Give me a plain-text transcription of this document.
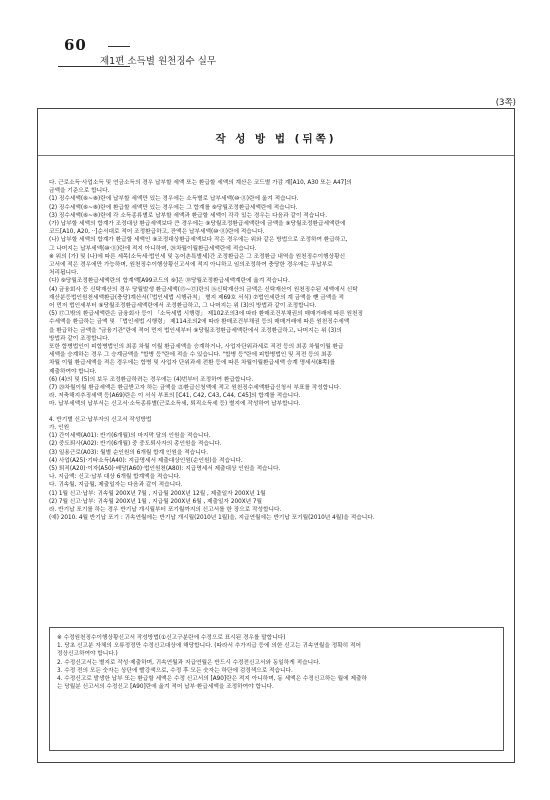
60
제1편 소득별 원천징수 실무
(3쪽)
작 성 방 법 (뒤쪽)

다. 근로소득·사업소득 및 연금소득의 경우 납부할 세액 또는 환급할 세액의 계산은 코드별 가감 계[A10, A30 또는 A47]의

금액을 기준으로 합니다.

(1) 징수세액(⑥~⑧)란에 납부할 세액만 있는 경우에는 소득별로 납부세액(⑩·⑪)란에 옮겨 적습니다.

(2) 징수세액(⑥~⑧)란에 환급할 세액만 있는 경우에는 그 합계를 ⑨당월조정환급세액란에 적습니다.

(3) 징수세액(⑥~⑧)란에 각 소득종류별로 납부할 세액과 환급할 세액이 각각 있는 경우는 다음과 같이 적습니다.

(가) 납부할 세액의 합계가 조정대상 환급세액보다 큰 경우에는 ⑨당월조정환급세액란에 금액을 ⑨당월조정환급세액란에

코드[A10, A20, ··]순서대로 적어 조정환급하고, 잔액은 납부세액(⑩·⑪)란에 적습니다.

(나) 납부할 세액의 합계가 환급할 세액인 ⑨조정대상환급세액보다 작은 경우에는 위와 같은 방법으로 조정하여 환급하고,

그 나머지는 납부세액(⑩·⑪)란에 적지 아니하며, ⑳차월이월환급세액란에 적습니다.

※ 위의 (가) 및 (나)에 따른 세목(소득세·법인세 및 농어촌특별세)간 조정환급은 그 조정환급 내역을 원천징수이행상황신

고서에 적은 경우에만 가능하며, 원천징수이행상황신고서에 적지 아니하고 임의조정하여 충당한 경우에는 무납부로

처리됩니다.

(다) ⑨당월조정환급세액란의 합계액[A99코드의 ⑨]은 ⑱당월조정환급세액계란에 옮겨 적습니다.

(4) 금융회사 등 신탁재산의 경우 당월발생 환급세액(⑮~⑰)란의 ⑯신탁재산의 금액은 신탁재산이 원천징수된 세액에서 신탁

재산분등법인원천세액환급(충당)계산서(「법인세법 시행규칙」 별지 제69호 서식) ⑦법인세란의 계 금액을 뺀 금액을 적

어 먼저 법인세부터 ⑨당월조정환급세액란에서 조정환급하고, 그 나머지는 위 (3)의 방법과 같이 조정합니다.

(5) ⑰그밖의 환급세액란은 금융회사 등이 「소득세법 시행령」 제102조의3에 따라 환매조건부채권의 매매거래에 따른 원천징

수세액을 환급하는 금액 및 「법인세법 시행령」 제114조의2에 따라 환매조건부채권 등의 매매거래에 따른 원천징수세액

을 환급하는 금액을 "금융기관"란에 적어 먼저 법인세부터 ⑨당월조정환급세액란에서 조정환급하고, 나머지는 위 (3)의

방법과 같이 조정합니다.

또한 합병법인이 피합병법인의 최종 차월 이월 환급세액을 승계하거나, 사업자단위과세로 직전 등의 최종 차월이월 환급

세액을 승계하는 경우 그 승계금액을 "합병 등"란에 적을 수 있습니다. "합병 등"란에 피합병법인 및 직전 등의 최종

차월 이월 환급세액을 적은 경우에는 합병 및 사업자 단위과세 전환 등에 따른 차월이월환급세액 승계 명세서(8쪽)를

제출하여야 합니다.

(6) (4)의 및 (5)의 보두 조정환급하려는 경우에는 (4)번부터 조정하여 환급합니다.

(7) ⑳차월이월 환급세액은 환급받고자 하는 금액을 ㉑환급신청액에 적고 원천징수세액환급신청서 부표를 작성합니다.

라. 저축해지추징세액 등(A69)란은 이 서식 부표의 [C41, C42, C43, C44, C45]의 합계를 적습니다.

마. 납부세액의 납부서는 신고서·소득종류별(근로소득세, 퇴직소득세 등) 별지에 작성하여 납부합니다.

4. 반기별 신고·납부자의 신고서 작성방법

가. 인원

(1) 간이세액(A01): 반기(6개월)의 마지막 달의 인원을 적습니다.

(2) 중도퇴사(A02): 반기(6개월) 중 중도퇴사자의 총인원을 적습니다.

(3) 일용근로(A03): 월별 순인원의 6개월 합계 인원을 적습니다.

(4) 사업(A25)·기타소득(A40): 지급명세서 제출대상인원(순인원)을 적습니다.

(5) 퇴직(A20)·이자(A50)·배당(A60)·법인원천(A80): 지급명세서 제출대상 인원을 적습니다.

나. 지급액: 신고·납부 대상 6개월 합계액을 적습니다.

다. 귀속월, 지급월, 제출일자는 다음과 같이 적습니다.

(1) 1월 신고·납부: 귀속월 200X년 7월 , 지급월 200X년 12월 , 제출일자 200X년 1월

(2) 7월 신고·납부: 귀속월 200X년 1월 , 지급월 200X년 6월 , 제출일자 200X년 7월

라. 반기납 포기를 하는 경우 반기납 개시월부터 포기월까지의 신고서를 한 장으로 작성합니다.

(예) 2010. 4월 반기납 포기 : 귀속연월에는 반기납 개시월(2010년 1월)을, 지급연월에는 반기납 포기월(2010년 4월)을 적습니다.

※ 수정원천징수이행상황신고서 작성방법(①신고구분란에 수정으로 표시된 경우를 말합니다)

1. 당초 신고분 자체의 오류정정만 수정신고대상에 해당합니다. (따라서 추가지급 등에 의한 신고는 귀속연월을 정확히 적어

정상신고하여야 합니다.)

2. 수정신고서는 별지로 작성·제출하며, 귀속연월과 지급연월은 반드시 수정전신고서와 동일하게 적습니다.

3. 수정 전의 모든 숫자는 상단에 빨강색으로, 수정 후 모든 숫자는 하단에 검정색으로 적습니다.

4. 수정신고로 발생한 납부 또는 환급할 세액은 수정 신고서의 [A90]란은 적지 아니하며, 동 세액은 수정신고하는 월에 제출하

는 당월분 신고서의 수정신고 [A90]란에 옮겨 적어 납부·환급세액을 조정하여야 합니다.
